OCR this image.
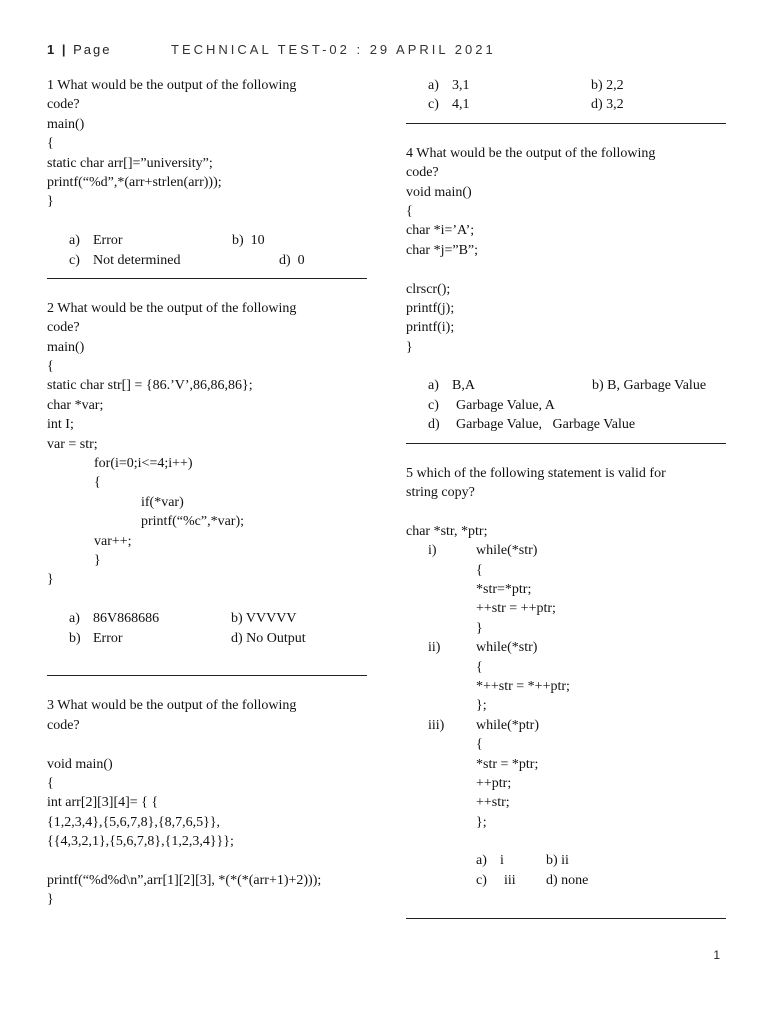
1 | Page	TECHNICAL TEST-02 : 29 APRIL 2021
1 What would be the output of the following
code?
main()
{
static char arr[]=”university”;
printf(“%d”,*(arr+strlen(arr)));
}
a) Error	b)  10
c) Not determined	d)  0
2 What would be the output of the following
code?
main()
{
static char str[] = {86.’V’,86,86,86};
char *var;
int I;
var = str;
for(i=0;i<=4;i++)
{
if(*var)
printf(“%c”,*var);
var++;
}
}
a) 86V868686	b) VVVVV
b) Error	d) No Output
3 What would be the output of the following
code?
void main()
{
int arr[2][3][4]= { {
{1,2,3,4},{5,6,7,8},{8,7,6,5}},
{{4,3,2,1},{5,6,7,8},{1,2,3,4}}};
printf(“%d%d\n”,arr[1][2][3], *(*(*(arr+1)+2)));
}
a) 3,1	b) 2,2
c) 4,1	d) 3,2
4 What would be the output of the following
code?
void main()
{
char *i=’A’;
char *j=”B”;
clrscr();
printf(j);
printf(i);
}
a) B,A	b) B, Garbage Value
c)	Garbage Value, A
d)	Garbage Value,   Garbage Value
5 which of the following statement is valid for
string copy?
char *str, *ptr;
i)	while(*str)
{
*str=*ptr;
++str = ++ptr;
}
ii)	while(*str)
{
*++str = *++ptr;
};
iii)	while(*ptr)
{
*str = *ptr;
++ptr;
++str;
};
a) i	b) ii
c)	iii	d) none
1
